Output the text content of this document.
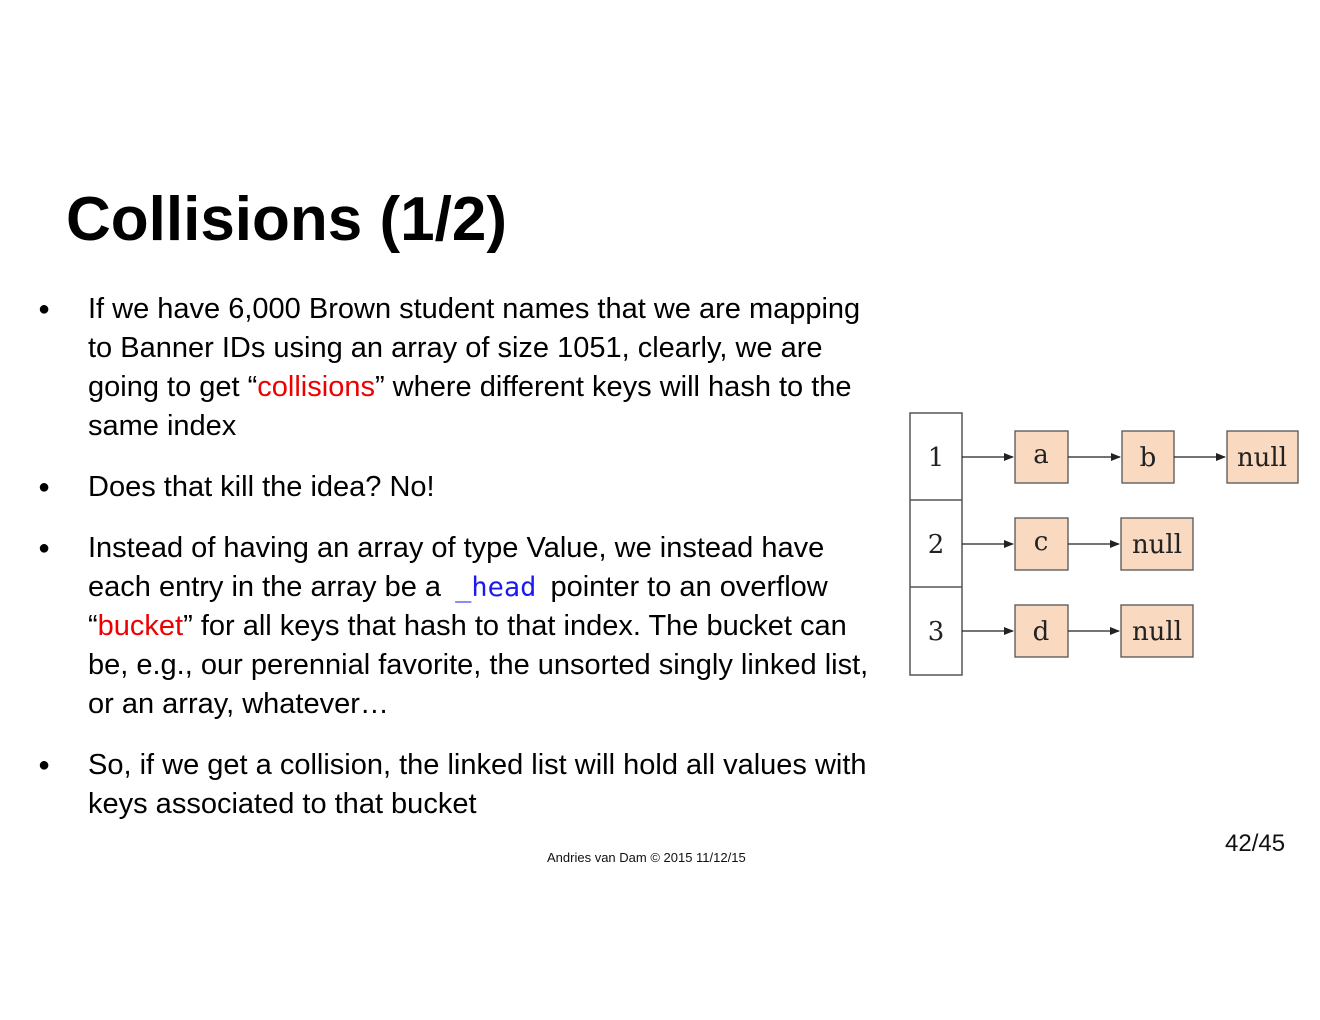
Collisions (1/2)
● If we have 6,000 Brown student names that we are mapping to Banner IDs using an array of size 1051, clearly, we are going to get “collisions” where different keys will hash to the same index
● Does that kill the idea? No!
● Instead of having an array of type Value, we instead have each entry in the array be a _head pointer to an overflow “bucket” for all keys that hash to that index. The bucket can be, e.g., our perennial favorite, the unsorted singly linked list, or an array, whatever…
● So, if we get a collision, the linked list will hold all values with keys associated to that bucket
1	a	b	null
2	c	null
3	d	null
Andries van Dam © 2015 11/12/15
42/45
